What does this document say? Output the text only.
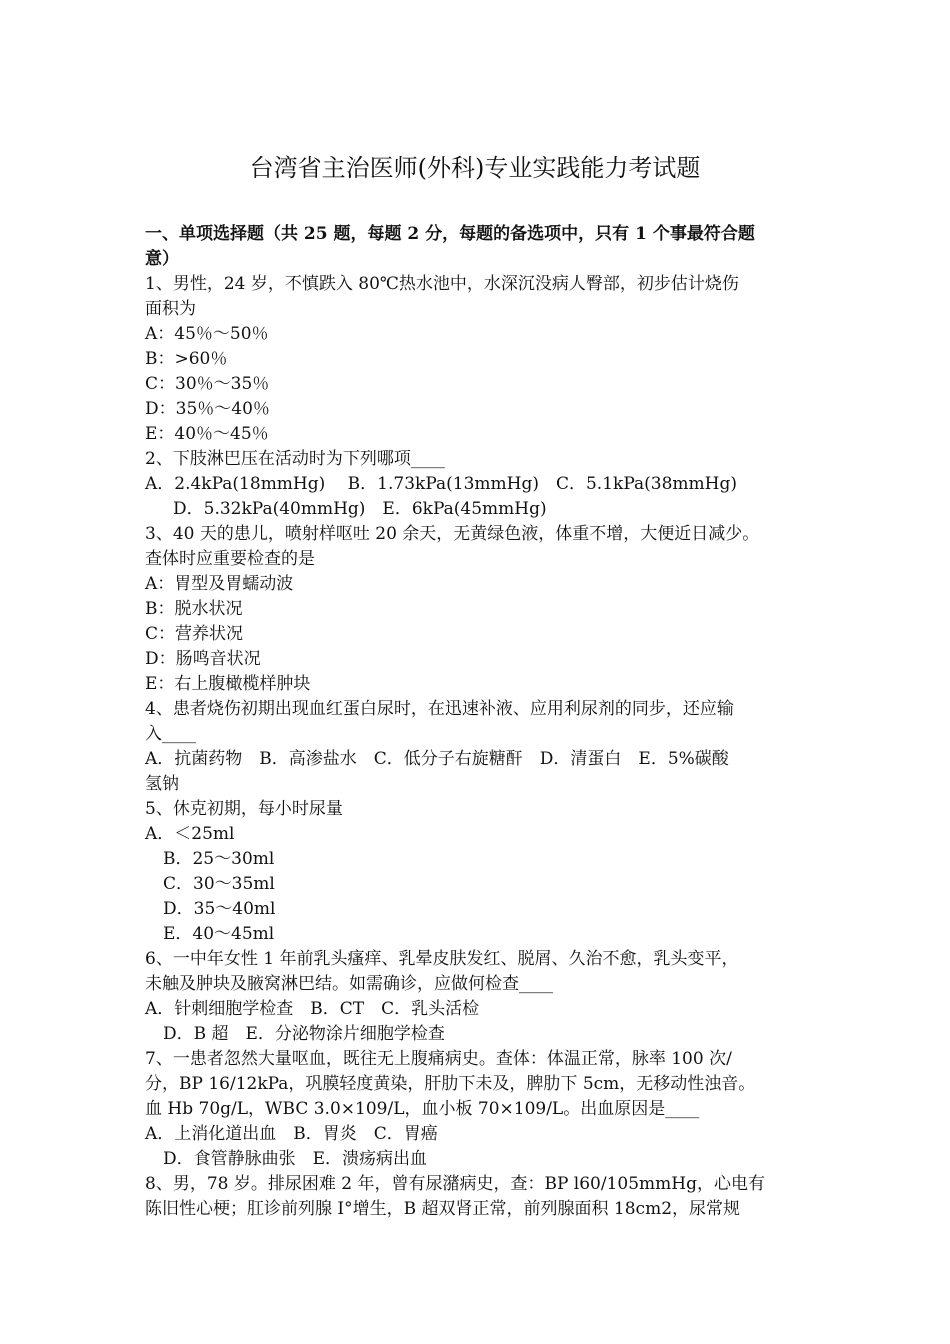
台湾省主治医师(外科)专业实践能力考试题
一、单项选择题（共 25 题，每题 2 分，每题的备选项中，只有 1 个事最符合题
意）
1、男性，24 岁，不慎跌入 80℃热水池中，水深沉没病人臀部，初步估计烧伤
面积为
A：45％～50％
B：>60％
C：30％～35％
D：35％～40％
E：40％～45％
2、下肢淋巴压在活动时为下列哪项____
A．2.4kPa(18mmHg)　 B．1.73kPa(13mmHg)　C．5.1kPa(38mmHg)
D．5.32kPa(40mmHg)　E．6kPa(45mmHg)
3、40 天的患儿，喷射样呕吐 20 余天，无黄绿色液，体重不增，大便近日减少。
查体时应重要检查的是
A：胃型及胃蠕动波
B：脱水状况
C：营养状况
D：肠鸣音状况
E：右上腹橄榄样肿块
4、患者烧伤初期出现血红蛋白尿时，在迅速补液、应用利尿剂的同步，还应输
入____
A．抗菌药物　B．高渗盐水　C．低分子右旋糖酐　D．清蛋白　E．5%碳酸
氢钠
5、休克初期，每小时尿量
A．＜25ml
B．25～30ml
C．30～35ml
D．35～40ml
E．40～45ml
6、一中年女性 1 年前乳头瘙痒、乳晕皮肤发红、脱屑、久治不愈，乳头变平，
未触及肿块及腋窝淋巴结。如需确诊，应做何检查____
A．针刺细胞学检查　B．CT　C．乳头活检
D．B 超　E．分泌物涂片细胞学检查
7、一患者忽然大量呕血，既往无上腹痛病史。查体：体温正常，脉率 100 次/
分，BP 16/12kPa，巩膜轻度黄染，肝肋下未及，脾肋下 5cm，无移动性浊音。
血 Hb 70g/L，WBC 3.0×109/L，血小板 70×109/L。出血原因是____
A．上消化道出血　B．胃炎　C．胃癌
D．食管静脉曲张　E．溃疡病出血
8、男，78 岁。排尿困难 2 年，曾有尿潴病史，查：BP l60/105mmHg，心电有
陈旧性心梗；肛诊前列腺 I°增生，B 超双肾正常，前列腺面积 18cm2，尿常规
